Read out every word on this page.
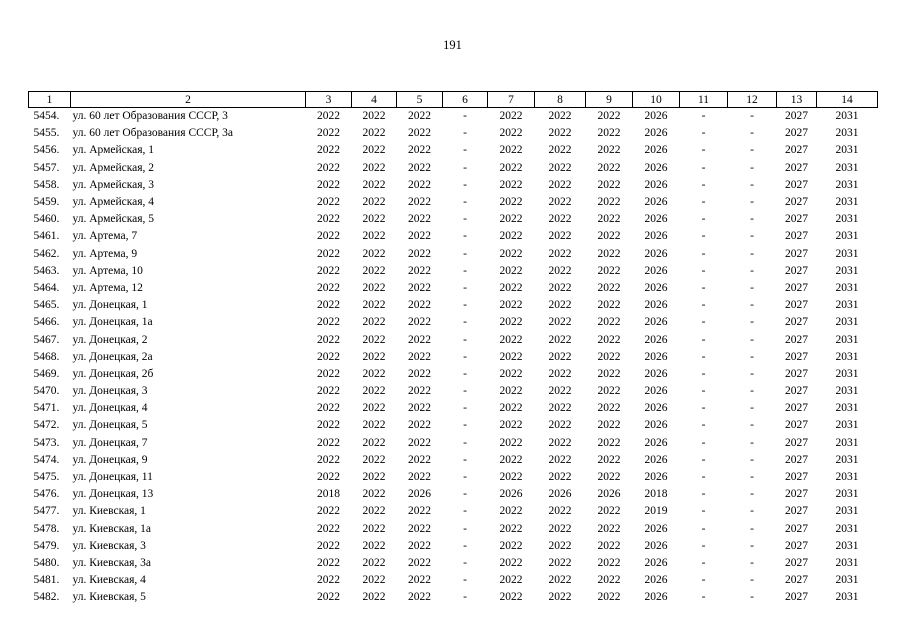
191
1	2	3	4	5	6	7	8	9	10	11	12	13	14
5454.	ул. 60 лет Образования СССР, 3	2022	2022	2022	-	2022	2022	2022	2026	-	-	2027	2031
5455.	ул. 60 лет Образования СССР, 3а	2022	2022	2022	-	2022	2022	2022	2026	-	-	2027	2031
5456.	ул. Армейская, 1	2022	2022	2022	-	2022	2022	2022	2026	-	-	2027	2031
5457.	ул. Армейская, 2	2022	2022	2022	-	2022	2022	2022	2026	-	-	2027	2031
5458.	ул. Армейская, 3	2022	2022	2022	-	2022	2022	2022	2026	-	-	2027	2031
5459.	ул. Армейская, 4	2022	2022	2022	-	2022	2022	2022	2026	-	-	2027	2031
5460.	ул. Армейская, 5	2022	2022	2022	-	2022	2022	2022	2026	-	-	2027	2031
5461.	ул. Артема, 7	2022	2022	2022	-	2022	2022	2022	2026	-	-	2027	2031
5462.	ул. Артема, 9	2022	2022	2022	-	2022	2022	2022	2026	-	-	2027	2031
5463.	ул. Артема, 10	2022	2022	2022	-	2022	2022	2022	2026	-	-	2027	2031
5464.	ул. Артема, 12	2022	2022	2022	-	2022	2022	2022	2026	-	-	2027	2031
5465.	ул. Донецкая, 1	2022	2022	2022	-	2022	2022	2022	2026	-	-	2027	2031
5466.	ул. Донецкая, 1а	2022	2022	2022	-	2022	2022	2022	2026	-	-	2027	2031
5467.	ул. Донецкая, 2	2022	2022	2022	-	2022	2022	2022	2026	-	-	2027	2031
5468.	ул. Донецкая, 2а	2022	2022	2022	-	2022	2022	2022	2026	-	-	2027	2031
5469.	ул. Донецкая, 2б	2022	2022	2022	-	2022	2022	2022	2026	-	-	2027	2031
5470.	ул. Донецкая, 3	2022	2022	2022	-	2022	2022	2022	2026	-	-	2027	2031
5471.	ул. Донецкая, 4	2022	2022	2022	-	2022	2022	2022	2026	-	-	2027	2031
5472.	ул. Донецкая, 5	2022	2022	2022	-	2022	2022	2022	2026	-	-	2027	2031
5473.	ул. Донецкая, 7	2022	2022	2022	-	2022	2022	2022	2026	-	-	2027	2031
5474.	ул. Донецкая, 9	2022	2022	2022	-	2022	2022	2022	2026	-	-	2027	2031
5475.	ул. Донецкая, 11	2022	2022	2022	-	2022	2022	2022	2026	-	-	2027	2031
5476.	ул. Донецкая, 13	2018	2022	2026	-	2026	2026	2026	2018	-	-	2027	2031
5477.	ул. Киевская, 1	2022	2022	2022	-	2022	2022	2022	2019	-	-	2027	2031
5478.	ул. Киевская, 1а	2022	2022	2022	-	2022	2022	2022	2026	-	-	2027	2031
5479.	ул. Киевская, 3	2022	2022	2022	-	2022	2022	2022	2026	-	-	2027	2031
5480.	ул. Киевская, 3а	2022	2022	2022	-	2022	2022	2022	2026	-	-	2027	2031
5481.	ул. Киевская, 4	2022	2022	2022	-	2022	2022	2022	2026	-	-	2027	2031
5482.	ул. Киевская, 5	2022	2022	2022	-	2022	2022	2022	2026	-	-	2027	2031
